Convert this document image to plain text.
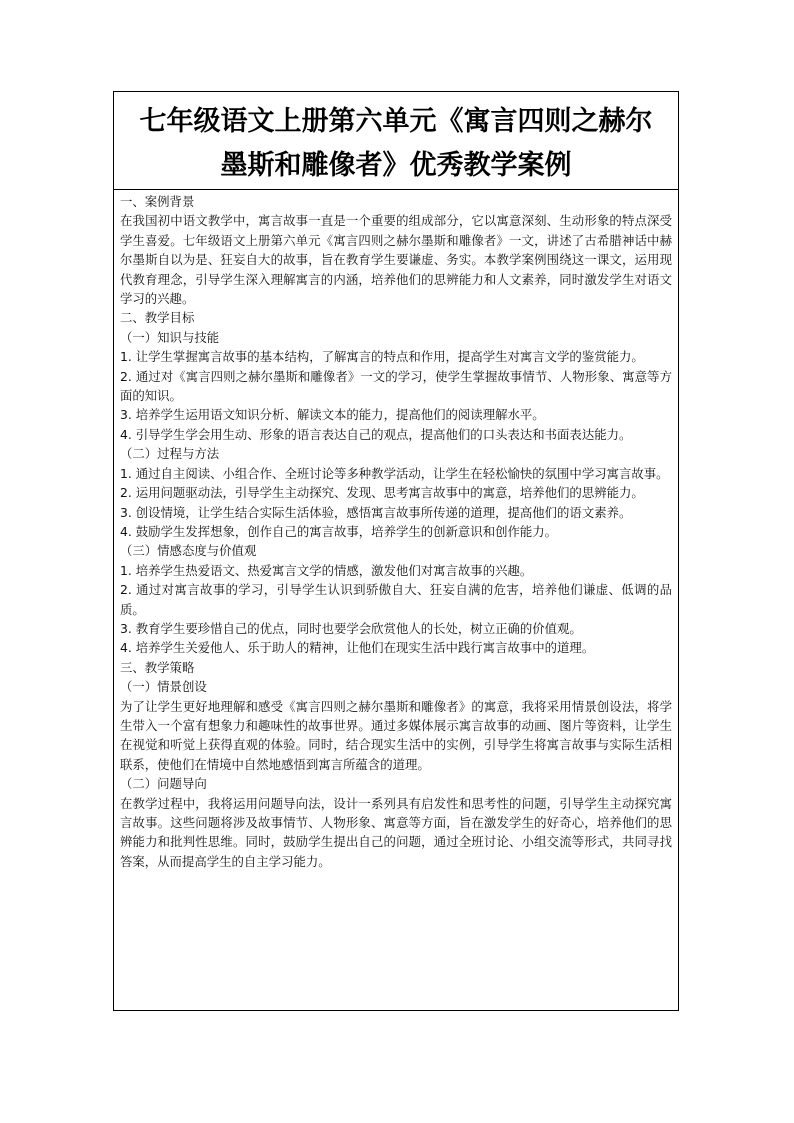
七年级语文上册第六单元《寓言四则之赫尔
墨斯和雕像者》优秀教学案例

一、案例背景

在我国初中语文教学中，寓言故事一直是一个重要的组成部分，它以寓意深刻、生动形象的特点深受学生喜爱。七年级语文上册第六单元《寓言四则之赫尔墨斯和雕像者》一文，讲述了古希腊神话中赫尔墨斯自以为是、狂妄自大的故事，旨在教育学生要谦虚、务实。本教学案例围绕这一课文，运用现代教育理念，引导学生深入理解寓言的内涵，培养他们的思辨能力和人文素养，同时激发学生对语文学习的兴趣。

二、教学目标

（一）知识与技能

1. 让学生掌握寓言故事的基本结构，了解寓言的特点和作用，提高学生对寓言文学的鉴赏能力。

2. 通过对《寓言四则之赫尔墨斯和雕像者》一文的学习，使学生掌握故事情节、人物形象、寓意等方面的知识。

3. 培养学生运用语文知识分析、解读文本的能力，提高他们的阅读理解水平。

4. 引导学生学会用生动、形象的语言表达自己的观点，提高他们的口头表达和书面表达能力。

（二）过程与方法

1. 通过自主阅读、小组合作、全班讨论等多种教学活动，让学生在轻松愉快的氛围中学习寓言故事。

2. 运用问题驱动法，引导学生主动探究、发现、思考寓言故事中的寓意，培养他们的思辨能力。

3. 创设情境，让学生结合实际生活体验，感悟寓言故事所传递的道理，提高他们的语文素养。

4. 鼓励学生发挥想象，创作自己的寓言故事，培养学生的创新意识和创作能力。

（三）情感态度与价值观

1. 培养学生热爱语文、热爱寓言文学的情感，激发他们对寓言故事的兴趣。

2. 通过对寓言故事的学习，引导学生认识到骄傲自大、狂妄自满的危害，培养他们谦虚、低调的品质。

3. 教育学生要珍惜自己的优点，同时也要学会欣赏他人的长处，树立正确的价值观。

4. 培养学生关爱他人、乐于助人的精神，让他们在现实生活中践行寓言故事中的道理。

三、教学策略

（一）情景创设

为了让学生更好地理解和感受《寓言四则之赫尔墨斯和雕像者》的寓意，我将采用情景创设法，将学生带入一个富有想象力和趣味性的故事世界。通过多媒体展示寓言故事的动画、图片等资料，让学生在视觉和听觉上获得直观的体验。同时，结合现实生活中的实例，引导学生将寓言故事与实际生活相联系，使他们在情境中自然地感悟到寓言所蕴含的道理。

（二）问题导向

在教学过程中，我将运用问题导向法，设计一系列具有启发性和思考性的问题，引导学生主动探究寓言故事。这些问题将涉及故事情节、人物形象、寓意等方面，旨在激发学生的好奇心，培养他们的思辨能力和批判性思维。同时，鼓励学生提出自己的问题，通过全班讨论、小组交流等形式，共同寻找答案，从而提高学生的自主学习能力。
